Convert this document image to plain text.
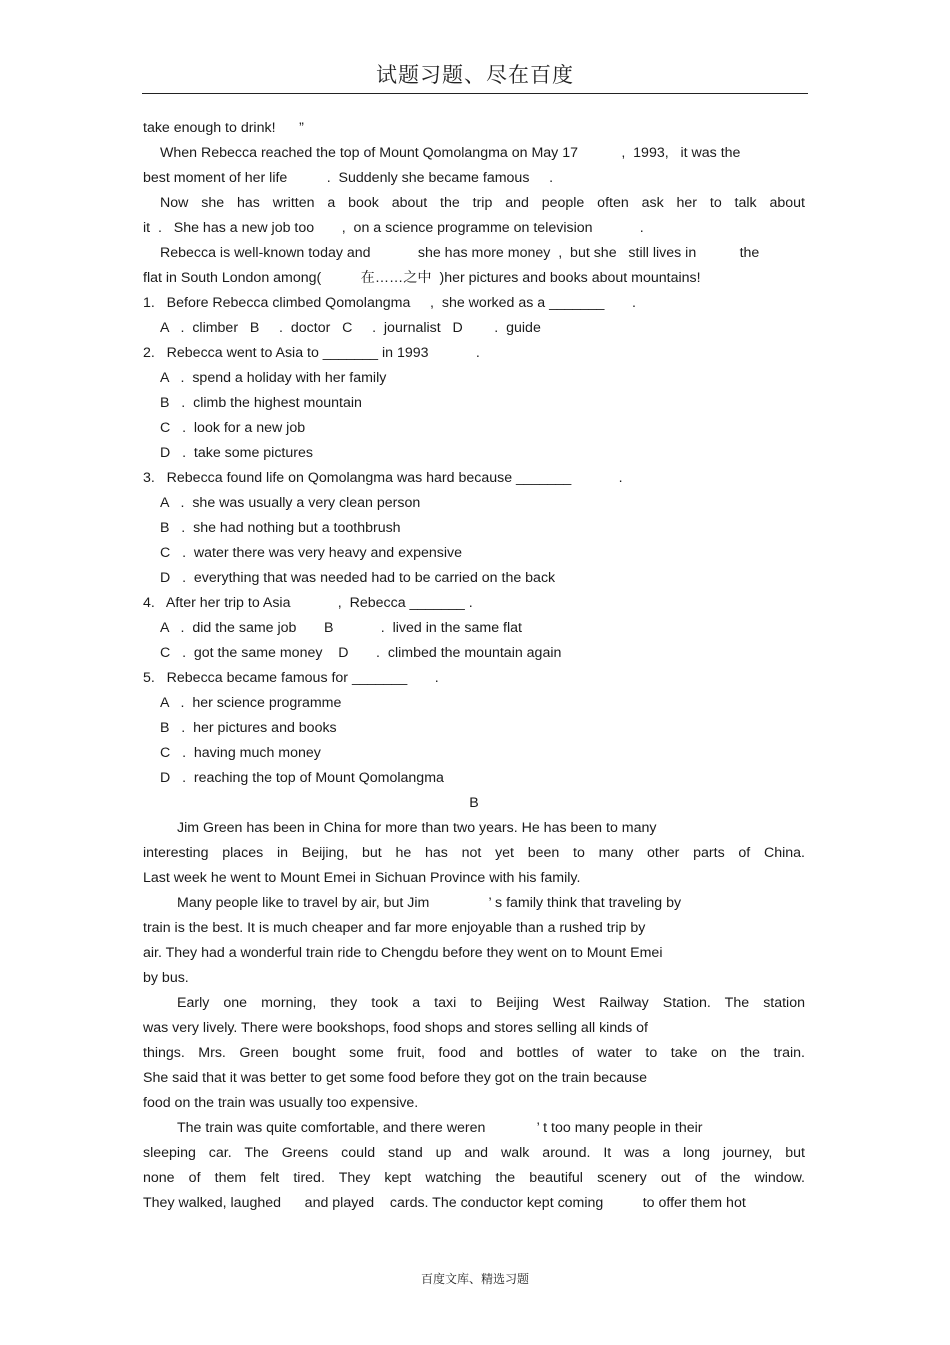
试题习题、尽在百度
take enough to drink!      ”
When Rebecca reached the top of Mount Qomolangma on May 17           ,  1993,   it was the
best moment of her life          .  Suddenly she became famous     .
Now she has written a book about the trip and people often ask her to talk about
it  .   She has a new job too       ,  on a science programme on television            .
Rebecca is well-known today and            she has more money  ,  but she   still lives in           the
flat in South London among(          在……之中  )her pictures and books about mountains!
1.   Before Rebecca climbed Qomolangma     ,  she worked as a _______       .
A   .  climber   B     .  doctor   C     .  journalist   D        .  guide
2.   Rebecca went to Asia to _______ in 1993            .
A   .  spend a holiday with her family
B   .  climb the highest mountain
C   .  look for a new job
D   .  take some pictures
3.   Rebecca found life on Qomolangma was hard because _______            .
A   .  she was usually a very clean person
B   .  she had nothing but a toothbrush
C   .  water there was very heavy and expensive
D   .  everything that was needed had to be carried on the back
4.   After her trip to Asia            ,  Rebecca _______ .
A   .  did the same job       B            .  lived in the same flat
C   .  got the same money    D       .  climbed the mountain again
5.   Rebecca became famous for _______       .
A   .  her science programme
B   .  her pictures and books
C   .  having much money
D   .  reaching the top of Mount Qomolangma
B
Jim Green has been in China for more than two years. He has been to many
interesting places in Beijing, but he has not yet been to many other parts of China.
Last week he went to Mount Emei in Sichuan Province with his family.
Many people like to travel by air, but Jim               ’ s family think that traveling by
train is the best. It is much cheaper and far more enjoyable than a rushed trip by
air. They had a wonderful train ride to Chengdu before they went on to Mount Emei
by bus.
Early one morning, they took a taxi to Beijing West Railway Station. The station
was very lively. There were bookshops, food shops and stores selling all kinds of
things. Mrs. Green bought some fruit, food and bottles of water to take on the train.
She said that it was better to get some food before they got on the train because
food on the train was usually too expensive.
The train was quite comfortable, and there weren             ’ t too many people in their
sleeping car. The Greens could stand up and walk around. It was a long journey, but
none of them felt tired. They kept watching the beautiful scenery out of the window.
They walked, laughed      and played    cards. The conductor kept coming          to offer them hot
百度文库、精选习题
